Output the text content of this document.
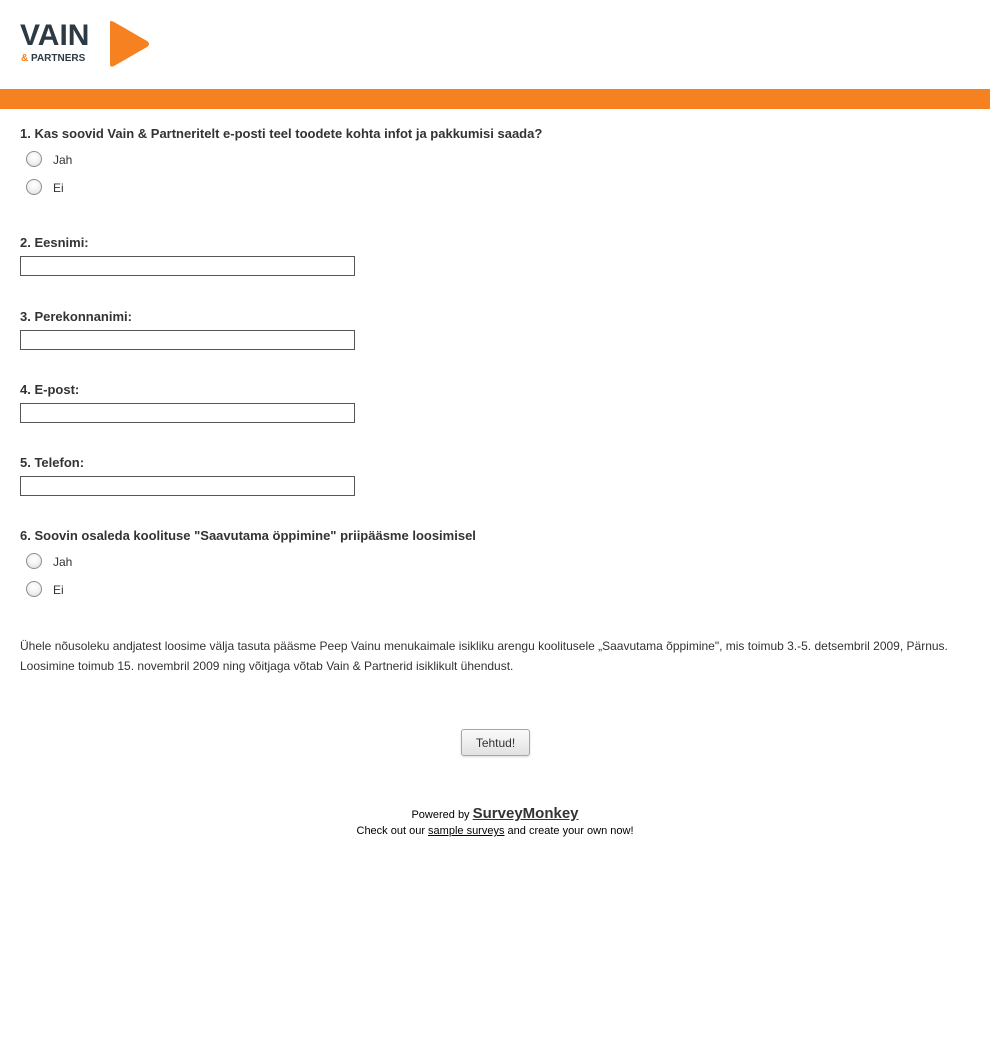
VAIN
& PARTNERS
1. Kas soovid Vain & Partneritelt e-posti teel toodete kohta infot ja pakkumisi saada?
Jah
Ei
2. Eesnimi:
3. Perekonnanimi:
4. E-post:
5. Telefon:
6. Soovin osaleda koolituse "Saavutama öppimine" priipääsme loosimisel
Jah
Ei

Ühele nõusoleku andjatest loosime välja tasuta pääsme Peep Vainu menukaimale isikliku arengu koolitusele „Saavutama õppimine", mis toimub 3.-5. detsembril 2009, Pärnus.

Loosimine toimub 15. novembril 2009 ning võitjaga võtab Vain & Partnerid isiklikult ühendust.

Tehtud!
Powered by SurveyMonkey
Check out our sample surveys and create your own now!
